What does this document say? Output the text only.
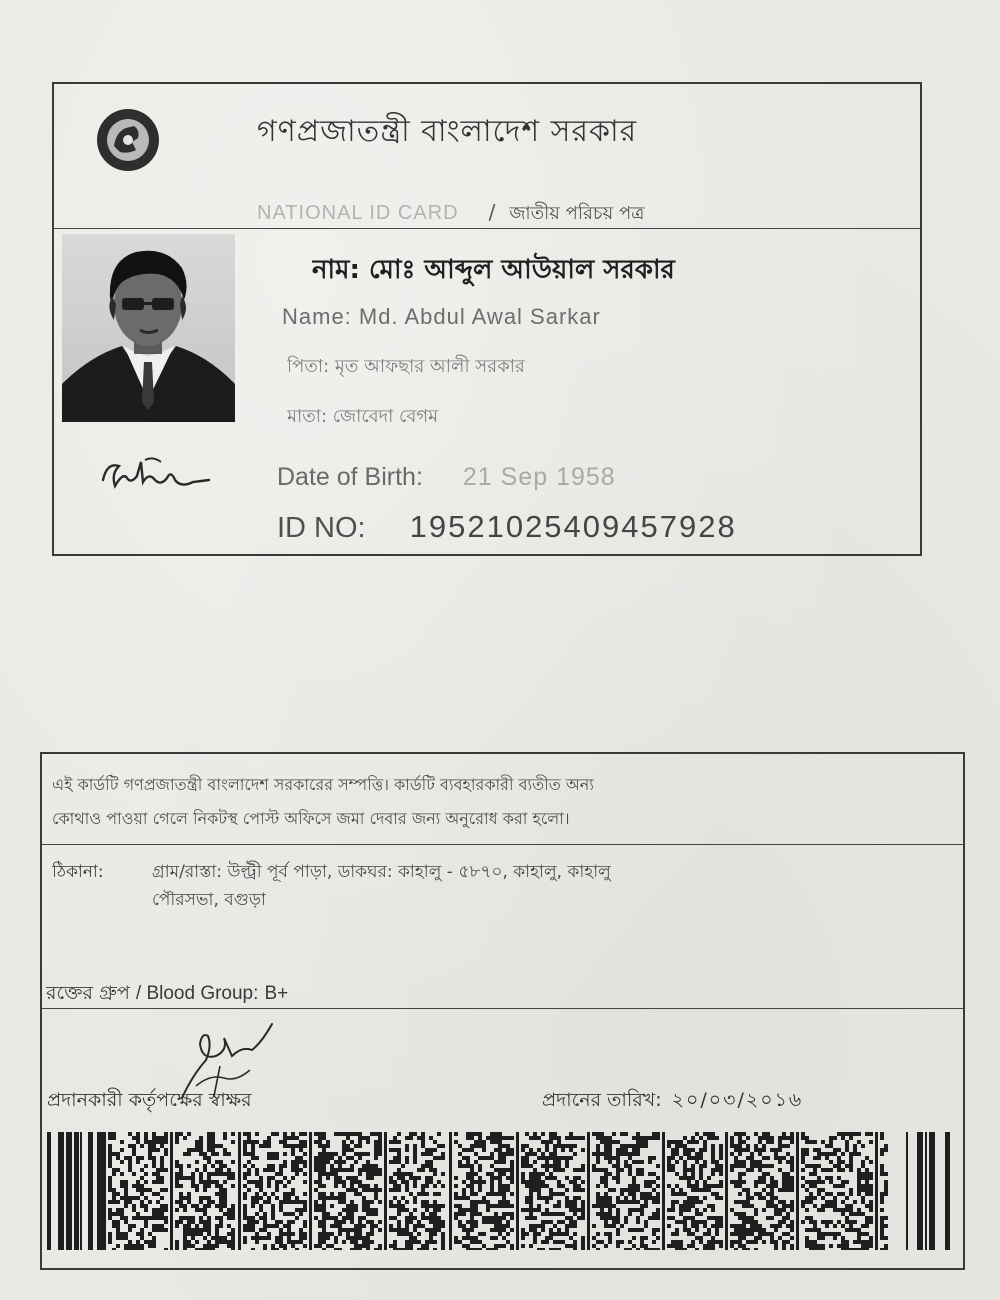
গণপ্রজাতন্ত্রী বাংলাদেশ সরকার
NATIONAL ID CARD / জাতীয় পরিচয় পত্র
নাম: মোঃ আব্দুল আউয়াল সরকার
Name: Md. Abdul Awal Sarkar
পিতা: মৃত আফছার আলী সরকার
মাতা: জোবেদা বেগম
Date of Birth: 21 Sep 1958
ID NO: 19521025409457928
এই কার্ডটি গণপ্রজাতন্ত্রী বাংলাদেশ সরকারের সম্পত্তি। কার্ডটি ব্যবহারকারী ব্যতীত অন্য
কোথাও পাওয়া গেলে নিকটস্থ পোস্ট অফিসে জমা দেবার জন্য অনুরোধ করা হলো।
ঠিকানা:	গ্রাম/রাস্তা: উল্ট্রী পূর্ব পাড়া, ডাকঘর: কাহালু - ৫৮৭০, কাহালু, কাহালু
পৌরসভা, বগুড়া
রক্তের গ্রুপ / Blood Group: B+
প্রদানকারী কর্তৃপক্ষের স্বাক্ষর	প্রদানের তারিখ: ২০/০৩/২০১৬
